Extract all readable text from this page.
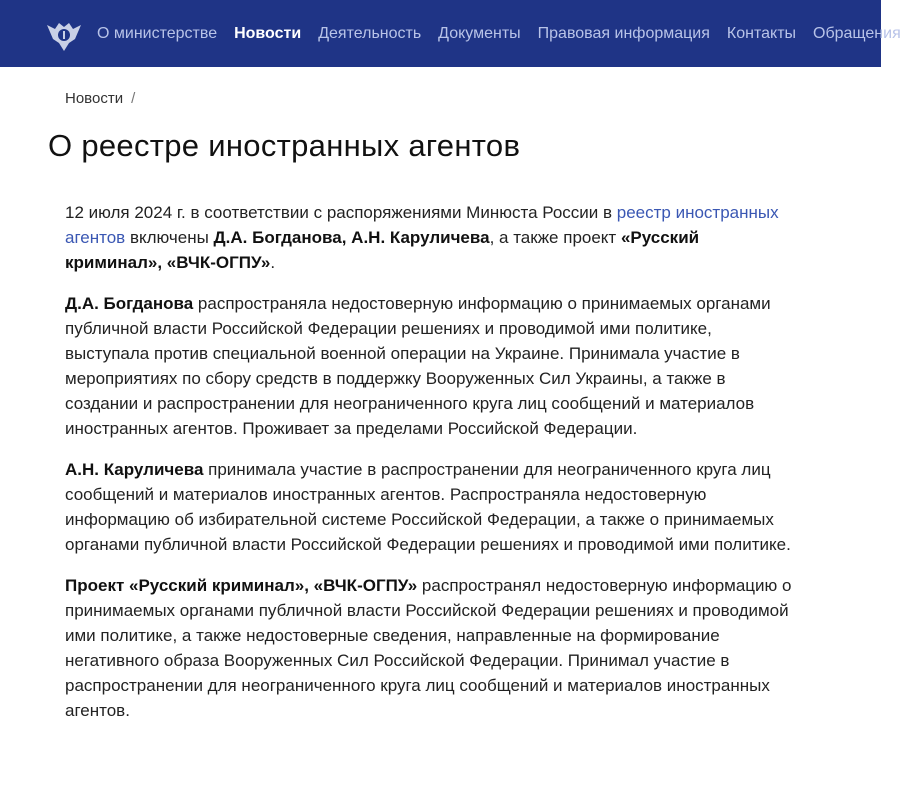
О министерстве Новости Деятельность Документы Правовая информация Контакты Обращения
Новости /
О реестре иностранных агентов

12 июля 2024 г. в соответствии с распоряжениями Минюста России в реестр иностранных агентов включены Д.А. Богданова, А.Н. Каруличева, а также проект «Русский криминал», «ВЧК-ОГПУ».

Д.А. Богданова распространяла недостоверную информацию о принимаемых органами публичной власти Российской Федерации решениях и проводимой ими политике, выступала против специальной военной операции на Украине. Принимала участие в мероприятиях по сбору средств в поддержку Вооруженных Сил Украины, а также в создании и распространении для неограниченного круга лиц сообщений и материалов иностранных агентов. Проживает за пределами Российской Федерации.

А.Н. Каруличева принимала участие в распространении для неограниченного круга лиц сообщений и материалов иностранных агентов. Распространяла недостоверную информацию об избирательной системе Российской Федерации, а также о принимаемых органами публичной власти Российской Федерации решениях и проводимой ими политике.

Проект «Русский криминал», «ВЧК-ОГПУ» распространял недостоверную информацию о принимаемых органами публичной власти Российской Федерации решениях и проводимой ими политике, а также недостоверные сведения, направленные на формирование негативного образа Вооруженных Сил Российской Федерации. Принимал участие в распространении для неограниченного круга лиц сообщений и материалов иностранных агентов.
